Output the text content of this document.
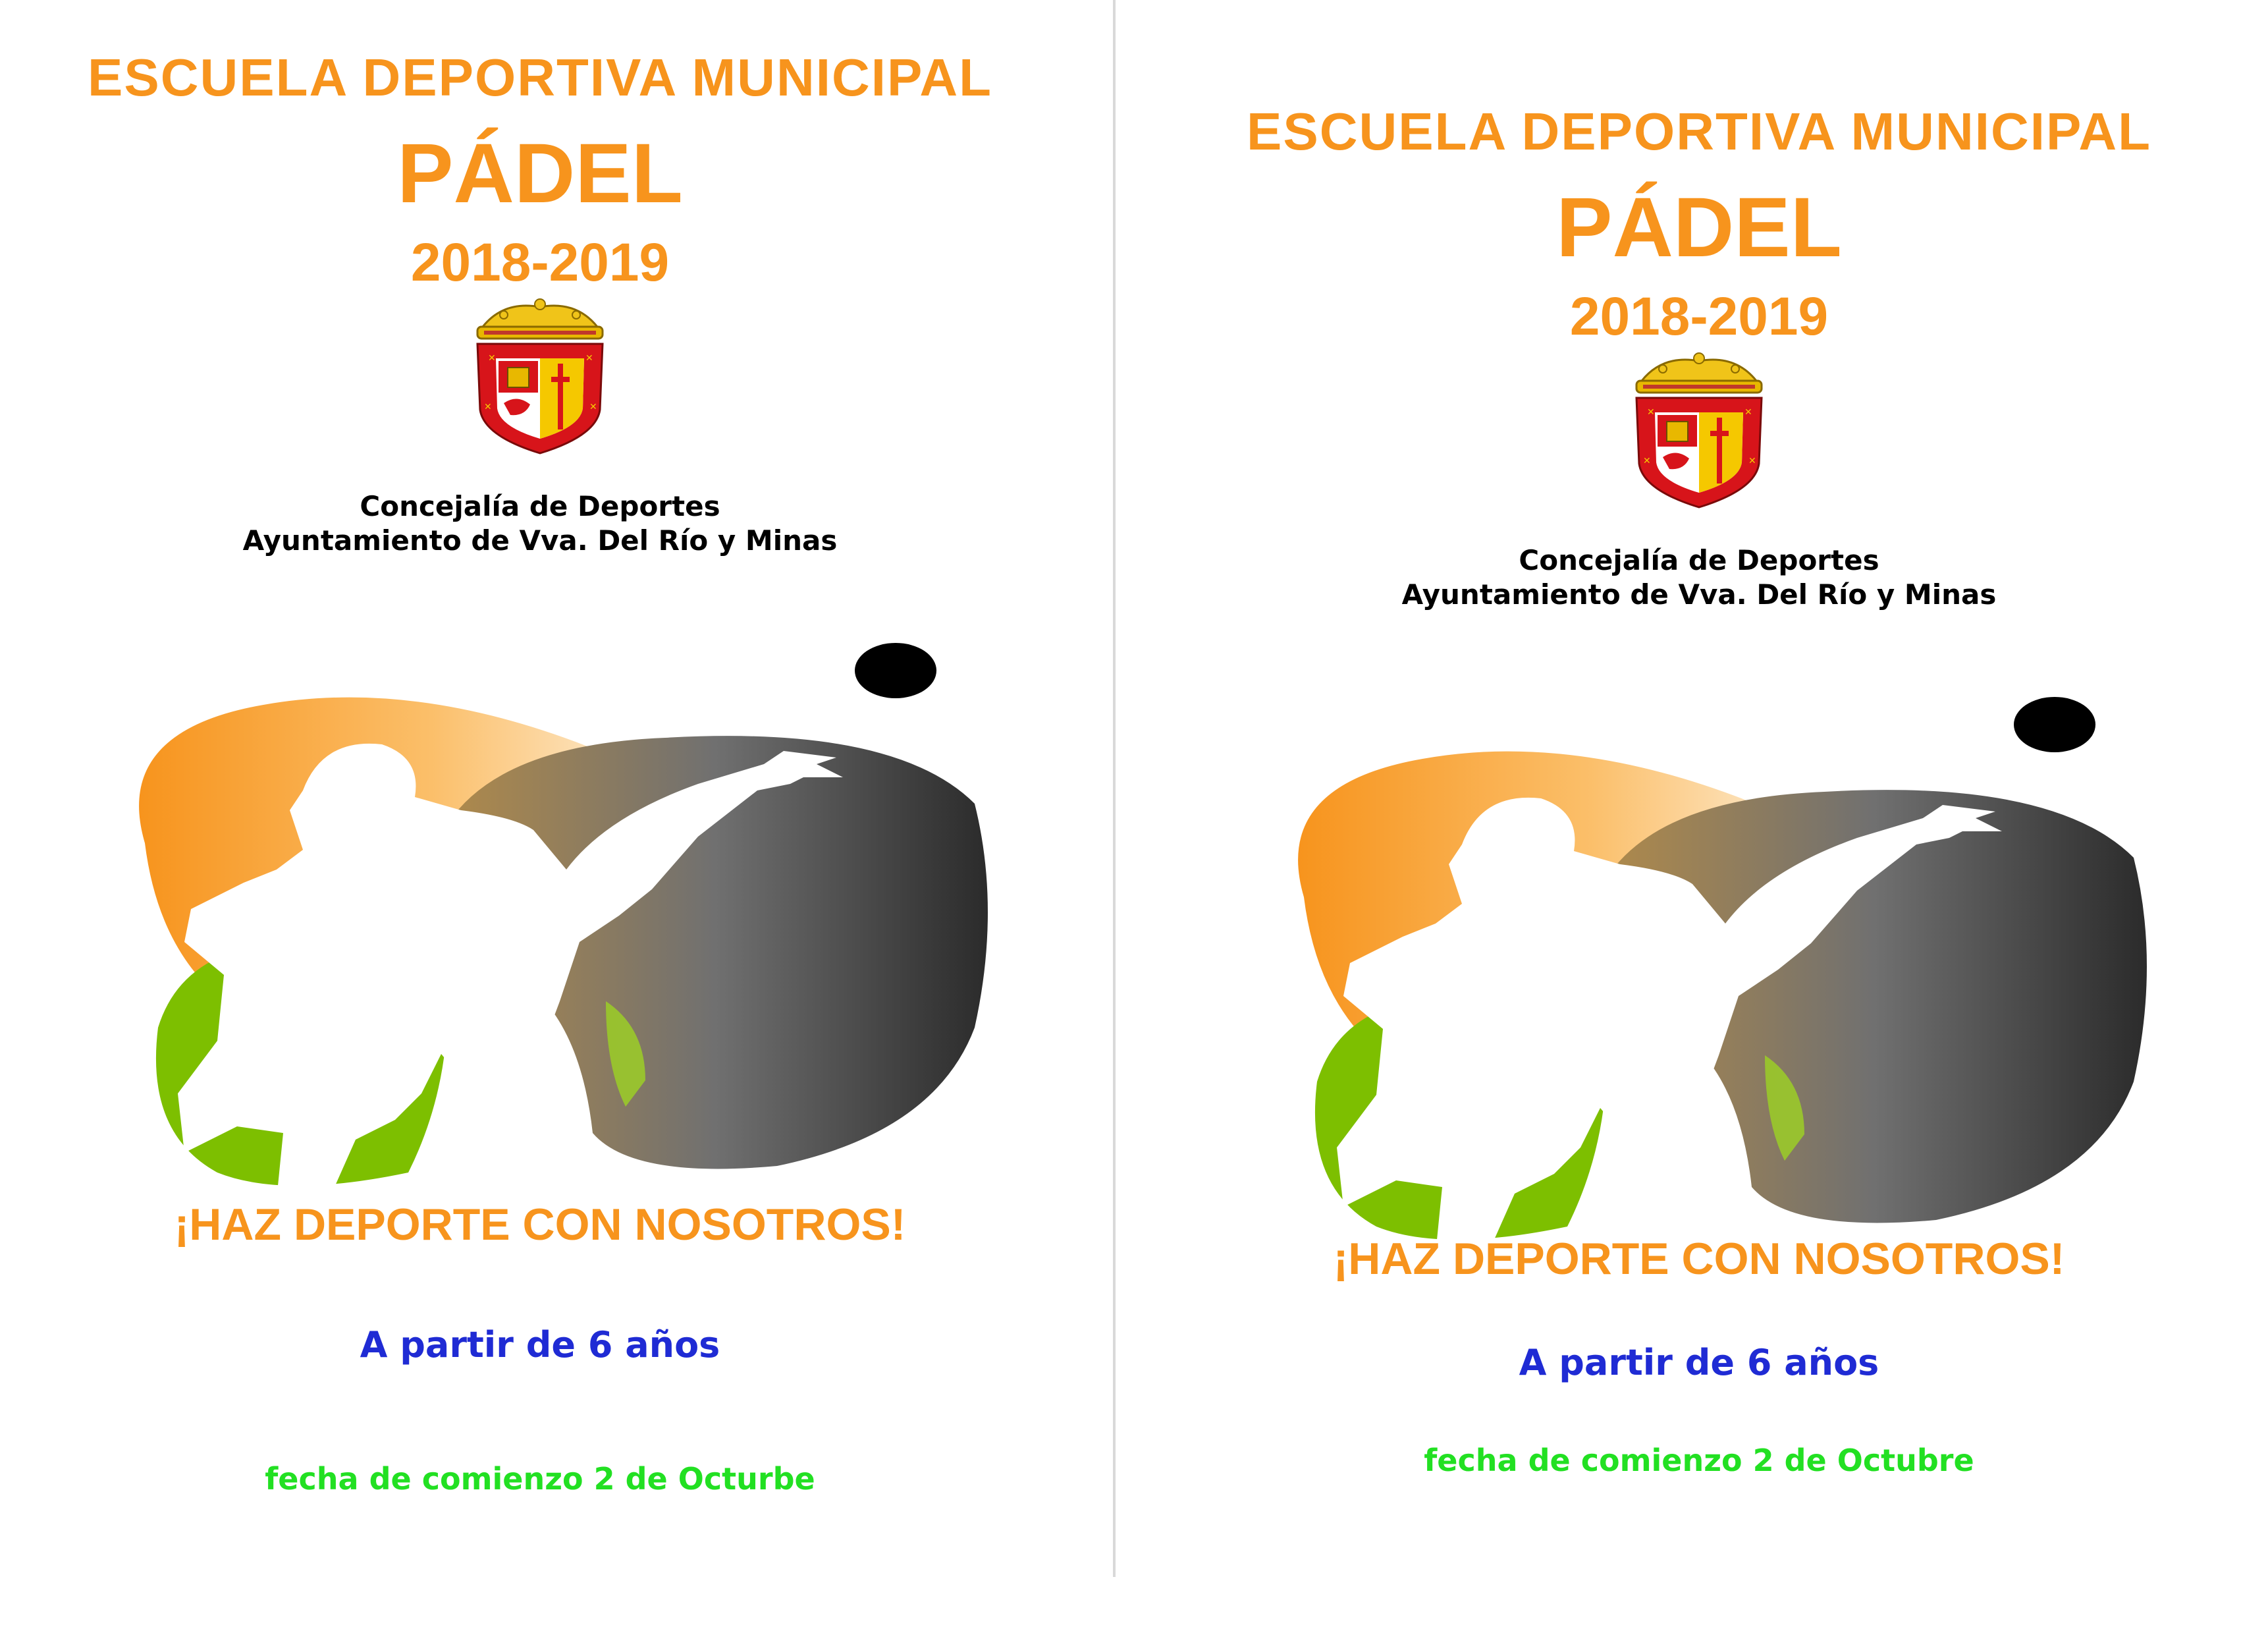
ESCUELA DEPORTIVA MUNICIPAL
PÁDEL
2018-2019
✕	✕
✕	✕
Concejalía de Deportes
Ayuntamiento de Vva. Del Río y Minas
¡HAZ DEPORTE CON NOSOTROS!
A partir de 6 años
fecha de comienzo 2 de Octurbe
ESCUELA DEPORTIVA MUNICIPAL
PÁDEL
2018-2019
✕	✕
✕	✕
Concejalía de Deportes
Ayuntamiento de Vva. Del Río y Minas
¡HAZ DEPORTE CON NOSOTROS!
A partir de 6 años
fecha de comienzo 2 de Octubre
